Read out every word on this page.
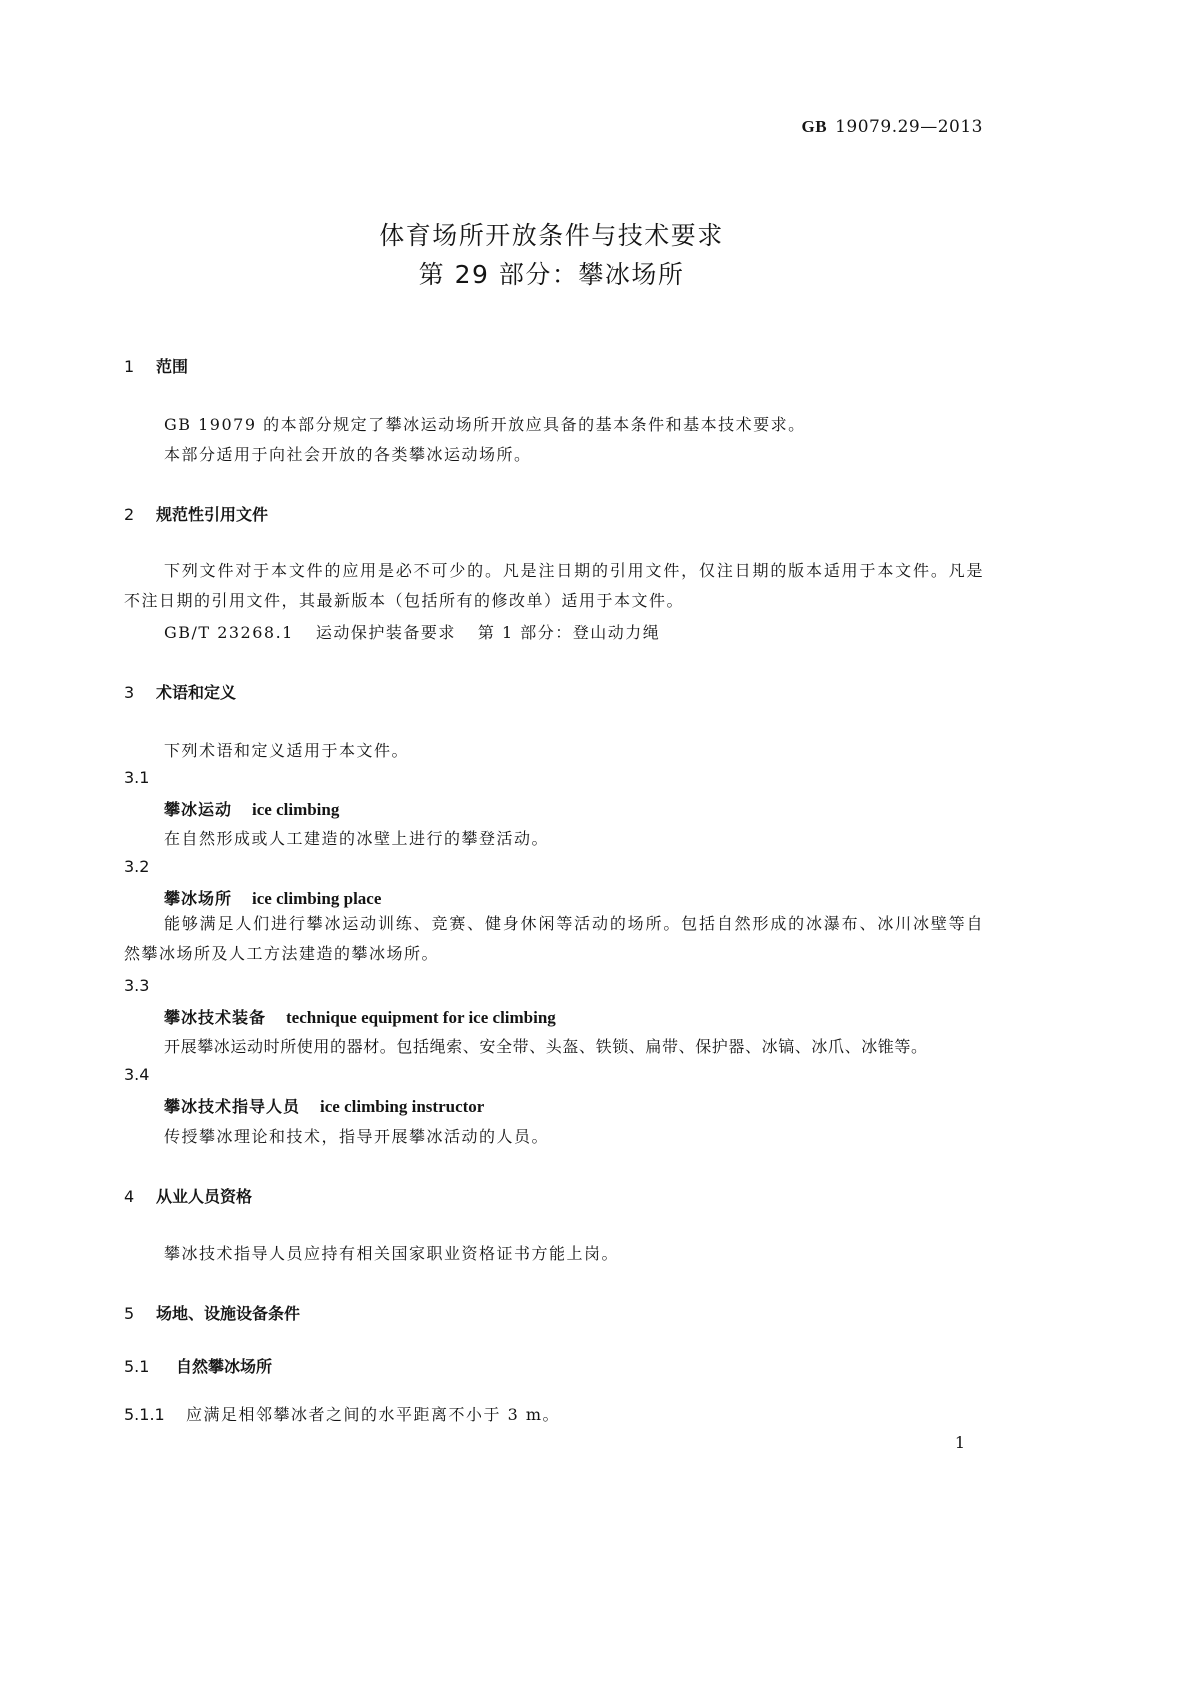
GB 19079.29—2013
体育场所开放条件与技术要求
第 29 部分：攀冰场所
1 范围
GB 19079 的本部分规定了攀冰运动场所开放应具备的基本条件和基本技术要求。
本部分适用于向社会开放的各类攀冰运动场所。
2 规范性引用文件
下列文件对于本文件的应用是必不可少的。凡是注日期的引用文件，仅注日期的版本适用于本文件。凡是不注日期的引用文件，其最新版本（包括所有的修改单）适用于本文件。
GB/T 23268.1 运动保护装备要求 第 1 部分：登山动力绳
3 术语和定义
下列术语和定义适用于本文件。
3.1
攀冰运动 ice climbing
在自然形成或人工建造的冰壁上进行的攀登活动。
3.2
攀冰场所 ice climbing place
能够满足人们进行攀冰运动训练、竞赛、健身休闲等活动的场所。包括自然形成的冰瀑布、冰川冰壁等自然攀冰场所及人工方法建造的攀冰场所。
3.3
攀冰技术装备 technique equipment for ice climbing
开展攀冰运动时所使用的器材。包括绳索、安全带、头盔、铁锁、扁带、保护器、冰镐、冰爪、冰锥等。
3.4
攀冰技术指导人员 ice climbing instructor
传授攀冰理论和技术，指导开展攀冰活动的人员。
4 从业人员资格
攀冰技术指导人员应持有相关国家职业资格证书方能上岗。
5 场地、设施设备条件
5.1 自然攀冰场所
5.1.1 应满足相邻攀冰者之间的水平距离不小于 3 m。
1
